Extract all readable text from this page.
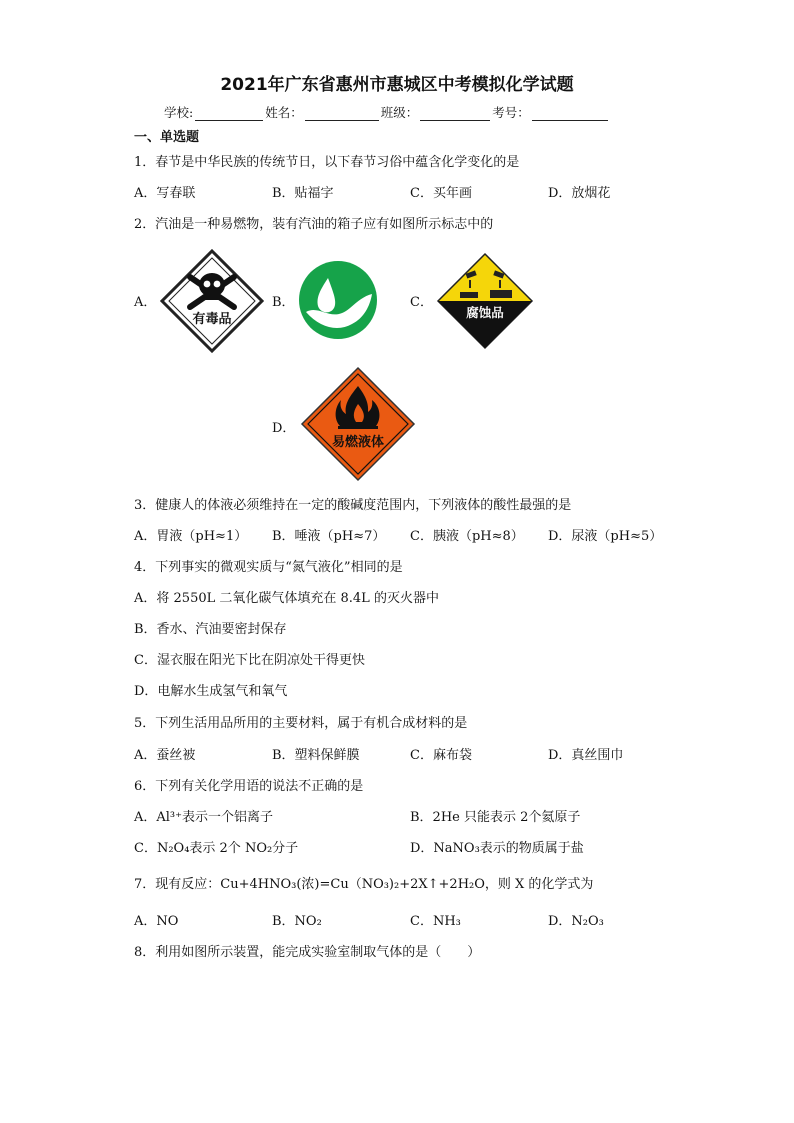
2021年广东省惠州市惠城区中考模拟化学试题
学校:	姓名：	班级：	考号：
一、单选题
1．春节是中华民族的传统节日，以下春节习俗中蕴含化学变化的是
A．写春联	B．贴福字	C．买年画	D．放烟花
2．汽油是一种易燃物，装有汽油的箱子应有如图所示标志中的
A．
有毒品
B．	C．
腐蚀品
D．
易燃液体
3．健康人的体液必须维持在一定的酸碱度范围内，下列液体的酸性最强的是
A．胃液（pH≈1） B．唾液（pH≈7） C．胰液（pH≈8） D．尿液（pH≈5）
4．下列事实的微观实质与“氮气液化”相同的是
A．将 2550L 二氧化碳气体填充在 8.4L 的灭火器中
B．香水、汽油要密封保存
C．湿衣服在阳光下比在阴凉处干得更快
D．电解水生成氢气和氧气
5．下列生活用品所用的主要材料，属于有机合成材料的是
A．蚕丝被	B．塑料保鲜膜	C．麻布袋	D．真丝围巾
6．下列有关化学用语的说法不正确的是
A．Al³⁺表示一个铝离子	B．2He 只能表示 2个氦原子
C．N₂O₄表示 2个 NO₂分子	D．NaNO₃表示的物质属于盐
7．现有反应：Cu+4HNO₃(浓)=Cu（NO₃)₂+2X↑+2H₂O，则 X 的化学式为
A．NO	B．NO₂	C．NH₃	D．N₂O₃
8．利用如图所示装置，能完成实验室制取气体的是（　　）
